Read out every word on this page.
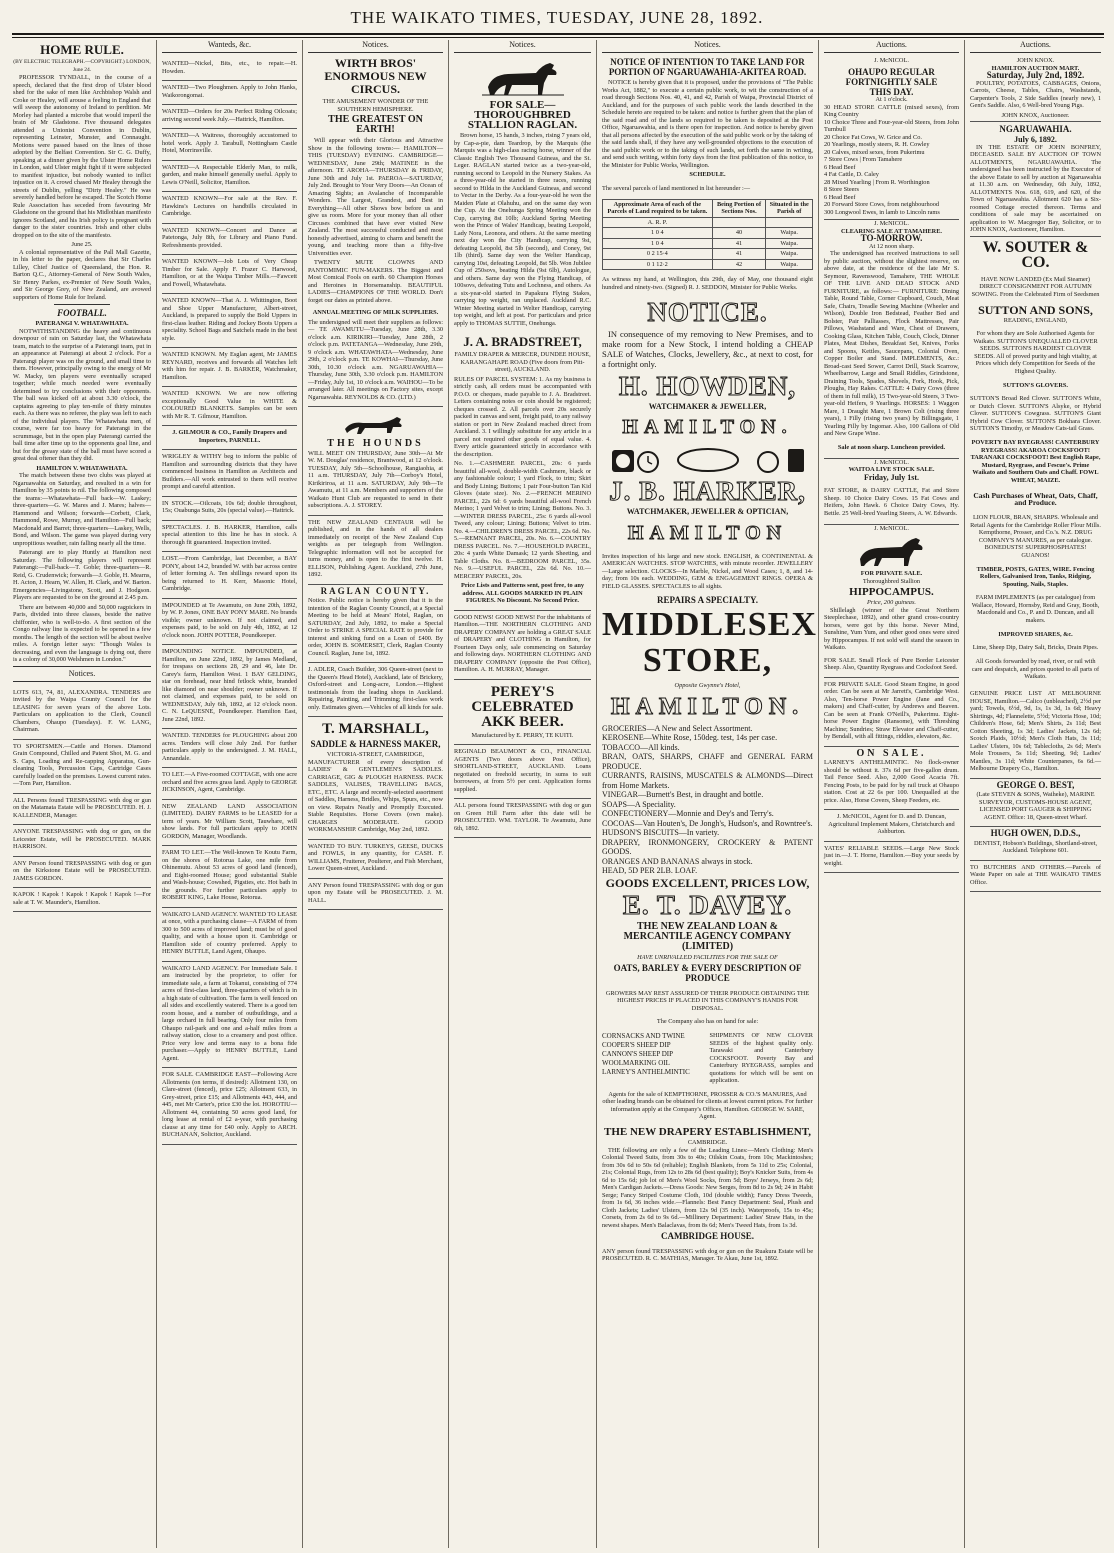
THE WAIKATO TIMES, TUESDAY, JUNE 28, 1892.
HOME RULE.
(BY ELECTRIC TELEGRAPH.—COPYRIGHT.) LONDON, June 24.

PROFESSOR TYNDALL, in the course of a speech, declared that the first drop of Ulster blood shed for the sake of men like Archbishop Walsh and Croke or Healey, will arouse a feeling in England that will sweep the autonomy of Ireland to perdition. Mr Morley had planted a microbe that would imperil the brain of Mr Gladstone. Five thousand delegates attended a Unionist Convention in Dublin, representing Leinster, Munster, and Connaught. Motions were passed based on the lines of those adopted by the Belfast Convention. Sir C. G. Duffy, speaking at a dinner given by the Ulster Home Rulers in London, said Ulster might fight if it were subjected to manifest injustice, but nobody wanted to inflict injustice on it. A crowd chased Mr Healey through the streets of Dublin, yelling "Dirty Healey." He was severely handled before he escaped. The Scotch Home Rule Association has seceded from favouring Mr Gladstone on the ground that his Midlothian manifesto ignores Scotland, and his Irish policy is pregnant with danger to the sister countries. Irish and other clubs dropped on to the site of the manifesto.

June 25.

A colonial representative of the Pall Mall Gazette, in his letter to the paper, declares that Sir Charles Lilley, Chief Justice of Queensland, the Hon. R. Barton Q.C., Attorney-General of New South Wales, Sir Henry Parkes, ex-Premier of New South Wales, and Sir George Grey, of New Zealand, are avowed supporters of Home Rule for Ireland.

FOOTBALL.
PATERANGI V. WHATAWHATA.

NOTWITHSTANDING the heavy and continuous downpour of rain on Saturday last, the Whatawhata team, match to the surprise of a Paterangi team, put in an appearance at Paterangi at about 2 o'clock. For a Paterangi player was on the ground, and small time to them. However, principally owing to the energy of Mr W. Macky, ten players were eventually scraped together; while much needed were eventually determined to try conclusions with their opponents. The ball was kicked off at about 3.30 o'clock, the captains agreeing to play ten-mile of thirty minutes each. As there was no referee, the play was left to each of the individual players. The Whatawhata men, of course, were far too heavy for Paterangi in the scrummage, but in the open play Paterangi carried the ball time after time up to the opponents goal line, and but for the greasy state of the ball must have scored a great deal oftener than they did.

HAMILTON V. WHATAWHATA.

The match between these two clubs was played at Ngaruawahia on Saturday, and resulted in a win for Hamilton by 35 points to nil. The following composed the teams:—Whatawhata—Full back—W. Laskey; three-quarters—G. W. Mares and J. Mares; halves—Hammond and Wilson; forwards—Corbett, Clark, Hammond, Rowe, Murray, and Hamilton—Full back; Macdonald and Barret; three-quarters—Laskey, Wells, Bond, and Wilson. The game was played during very unpropitious weather, rain falling nearly all the time.

Paterangi are to play Huntly at Hamilton next Saturday. The following players will represent Paterangi:—Full-back—T. Goble; three-quarters—R. Reid, G. Crudenwick; forwards—J. Goble, H. Mearns, H. Acton, J. Hearn, W. Allen, H. Clark, and W. Barton. Emergencies—Livingstone, Scott, and J. Hodgson. Players are requested to be on the ground at 2.45 p.m.

There are between 40,000 and 50,000 ragpickers in Paris, divided into three classes, beside the native chiffonier, who is well-to-do. A first section of the Congo railway line is expected to be opened in a few months. The length of the section will be about twelve miles. A foreign letter says: "Though Wales is decreasing, and even the language is dying out, there is a colony of 30,000 Welshmen in London."

Notices.

LOTS 613, 74, 81, ALEXANDRA. TENDERS are invited by the Waipa County Council for the LEASING for seven years of the above Lots. Particulars on application to the Clerk, Council Chambers, Ohaupo (Tuesdays). F. W. LANG, Chairman.

TO SPORTSMEN.—Cattle and Horses. Diamond Grain Compound, Chilled and Patent Shot, M. G. and S. Caps, Loading and Re-capping Apparatus, Gun-cleaning Tools, Percussion Caps, Cartridge Cases carefully loaded on the premises. Lowest current rates.—Tom Parr, Hamilton.

ALL Persons found TRESPASSING with dog or gun on the Matamata Estate will be PROSECUTED. H. J. KALLENDER, Manager.

ANYONE TRESPASSING with dog or gun, on the Leicester Estate, will be PROSECUTED. MARK HARRISON.

ANY Person found TRESPASSING with dog or gun on the Kirkstone Estate will be PROSECUTED. JAMES GORDON.

KAPOK ! Kapok ! Kapok ! Kapok ! Kapok !—For sale at T. W. Maunder's, Hamilton.

Wanteds, &c.

WANTED—Nickel, Bits, etc., to repair.—H. Howden.

WANTED—Two Ploughmen. Apply to John Hanks, Waikorongomai.

WANTED—Orders for 20s Perfect Riding Oilcoats; arriving second week July.—Hattrick, Hamilton.

WANTED—A Waitress, thoroughly accustomed to hotel work. Apply J. Tarabull, Nottingham Castle Hotel, Morrinsville.

WANTED—A Respectable Elderly Man, to milk, garden, and make himself generally useful. Apply to Lewis O'Neill, Solicitor, Hamilton.

WANTED KNOWN—For sale at the Rev. F. Hawkins's Lectures on handbills circulated in Cambridge.

WANTED KNOWN—Concert and Dance at Patetonga, July 8th, for Library and Piano Fund. Refreshments provided.

WANTED KNOWN—Job Lots of Very Cheap Timber for Sale. Apply F. Frazer C. Harwood, Hamilton, or at the Waipa Timber Mills.—Fawcett and Fowell, Whatawhata.

WANTED KNOWN—That A. J. Whittington, Boot and Shoe Upper Manufacturer, Albert-street, Auckland, is prepared to supply the Bold Uppers in first-class leather. Riding and Jockey Boots Uppers a speciality. School Bags and Satchels made in the best style.

WANTED KNOWN. My Esglan agent, Mr JAMES REYNARD, receives and forwards all Watches left with him for repair. J. B. BARKER, Watchmaker, Hamilton.

WANTED KNOWN. We are now offering exceptionally Good Value in WHITE & COLOURED BLANKETS. Samples can be seen with Mr R. T. Gilmour, Hamilton.

J. GILMOUR & CO., Family Drapers and Importers, PARNELL.

WRIGLEY & WITHY beg to inform the public of Hamilton and surrounding districts that they have commenced business in Hamilton as Architects and Builders.—All work entrusted to them will receive prompt and careful attention.

IN STOCK.—Oilcoats, 10s 6d; double throughout, 15s; Ouabunga Suits, 20s (special value).—Hattrick.

SPECTACLES. J. B. HARKER, Hamilton, calls special attention to this line he has in stock. A thorough fit guaranteed. Inspection invited.

LOST.—From Cambridge, last December, a BAY PONY, about 14.2, branded W. with bar across centre of letter forming A. Ten shillings reward upon its being returned to H. Kerr, Masonic Hotel, Cambridge.

IMPOUNDED at Te Awamutu, on June 20th, 1892, by W. P. Jones, ONE BAY PONY MARE. No brands visible; owner unknown. If not claimed, and expenses paid, to be sold on July 4th, 1892, at 12 o'clock noon. JOHN POTTER, Poundkeeper.

IMPOUNDING NOTICE. IMPOUNDED, at Hamilton, on June 22nd, 1892, by James Medland, for trespass on sections 28, 29 and 46, late Dr. Carey's farm, Hamilton West. 1 BAY GELDING, star on forehead, near hind fetlock white, branded like diamond on near shoulder; owner unknown. If not claimed, and expenses paid, to be sold on WEDNESDAY, July 6th, 1892, at 12 o'clock noon. C. N. LeQUESNE, Poundkeeper. Hamilton East, June 22nd, 1892.

WANTED. TENDERS for PLOUGHING about 200 acres. Tenders will close July 2nd. For further particulars apply to the undersigned. J. M. HALL, Annandale.

TO LET.—A Five-roomed COTTAGE, with one acre orchard and five acres grass land. Apply to GEORGE JICKINSON, Agent, Cambridge.

NEW ZEALAND LAND ASSOCIATION (LIMITED). DAIRY FARMS to be LEASED for a term of years. Mr William Scott, Tauwhare, will show lands. For full particulars apply to JOHN GORDON, Manager, Woodlands.

FARM TO LET.—The Well-known Te Koutu Farm, on the shores of Rotorua Lake, one mile from Ohinemutu. About 53 acres of good land (fenced), and Eight-roomed House; good substantial Stable and Wash-house; Cowshed, Pigsties, etc. Hot bath in the grounds. For further particulars apply to ROBERT KING, Lake House, Rotorua.

WAIKATO LAND AGENCY. WANTED TO LEASE at once, with a purchasing clause—A FARM of from 300 to 500 acres of improved land; must be of good quality, and with a house upon it. Cambridge or Hamilton side of country preferred. Apply to HENRY BUTTLE, Land Agent, Ohaupo.

WAIKATO LAND AGENCY. For Immediate Sale. I am instructed by the proprietor, to offer for immediate sale, a farm at Tokanui, consisting of 774 acres of first-class land, three-quarters of which is in a high state of cultivation. The farm is well fenced on all sides and excellently watered. There is a good ten room house, and a number of outbuildings, and a large orchard in full bearing. Only four miles from Ohaupo rail-park and one and a-half miles from a railway station, close to a creamery and post office. Price very low and terms easy to a bona fide purchaser.—Apply to HENRY BUTTLE, Land Agent.

FOR SALE. CAMBRIDGE EAST—Following Acre Allotments (on terms, if desired): Allotment 130, on Clare-street (fenced), price £25; Allotment 633, in Grey-street, price £15; and Allotments 443, 444, and 445, met Mr Carter's, price £30 the lot. HOROTIU—Allotment 44, containing 50 acres good land, for long lease at rental of £2 a-year, with purchasing clause at any time for £40 only. Apply to ARCH. BUCHANAN, Solicitor, Auckland.

Notices.
WIRTH BROS' ENORMOUS NEW CIRCUS.
THE AMUSEMENT WONDER OF THE SOUTHERN HEMISPHERE.
THE GREATEST ON EARTH!

Will appear with their Glorious and Attractive Show in the following towns:— HAMILTON—THIS (TUESDAY) EVENING. CAMBRIDGE—WEDNESDAY, June 29th; MATINEE in the afternoon. TE AROHA—THURSDAY & FRIDAY, June 30th and July 1st. PAEROA—SATURDAY, July 2nd. Brought to Your Very Doors—An Ocean of Amazing Sights; an Avalanche of Incomparable Wonders. The Largest, Grandest, and Best in Everything—All other Shows bow before us and give us room. More for your money than all other Circuses combined that have ever visited New Zealand. The most successful conducted and most honestly advertised, aiming to charm and benefit the young, and teaching more than a fifty-five Universities ever.

TWENTY MUTE CLOWNS AND PANTOMIMIC FUN-MAKERS. The Biggest and Most Comical Fools on earth. 60 Champion Horses and Heroines in Horsemanship. BEAUTIFUL LADIES—CHAMPIONS OF THE WORLD. Don't forget our dates as printed above.

ANNUAL MEETING OF MILK SUPPLIERS.

The undersigned will meet their suppliers as follows:— TE AWAMUTU—Tuesday, June 28th, 3.30 o'clock a.m. KIRIKIRI—Tuesday, June 28th, 2 o'clock p.m. PATETANGA—Wednesday, June 29th, 9 o'clock a.m. WHATAWHATA—Wednesday, June 29th, 2 o'clock p.m. TE KOWHAI—Thursday, June 30th, 10.30 o'clock a.m. NGARUAWAHIA—Thursday, June 30th, 3.30 o'clock p.m. HAMILTON—Friday, July 1st, 10 o'clock a.m. WAIHOU—To be arranged later. All meetings on Factory sites, except Ngaruawahia. REYNOLDS & CO. (LTD.)

THE HOUNDS

WILL MEET ON THURSDAY, June 30th—At Mr W. M. Douglas' residence, Brantwood, at 12 o'clock. TUESDAY, July 5th—Schoolhouse, Rangiaohia, at 11 a.m. THURSDAY, July 7th—Corboy's Hotel, Kirikiriroa, at 11 a.m. SATURDAY, July 9th—Te Awamutu, at 11 a.m. Members and supporters of the Waikato Hunt Club are requested to send in their subscriptions. A. J. STOREY.

THE NEW ZEALAND CENTAUR will be published, and in the hands of all dealers immediately on receipt of the New Zealand Cup weights as per telegraph from Wellington. Telegraphic information will not be accepted for turns money, and is open to the first twelve. H. ELLISON, Publishing Agent. Auckland, 27th June, 1892.

RAGLAN COUNTY.

Notice. Public notice is hereby given that it is the intention of the Raglan County Council, at a Special Meeting to be held at Mears' Hotel, Raglan, on SATURDAY, 2nd July, 1892, to make a Special Order to STRIKE A SPECIAL RATE to provide for interest and sinking fund on a Loan of £400. By order, JOHN B. SOMERSET, Clerk, Raglan County Council. Raglan, June 1st, 1892.

J. ADLER, Coach Builder, 306 Queen-street (next to the Queen's Head Hotel), Auckland, late of Brickery, Oxford-street and Long-acre, London.—Highest testimonials from the leading shops in Auckland. Repairing, Painting, and Trimming; first-class work only. Estimates given.—Vehicles of all kinds for sale.

T. MARSHALL,
SADDLE & HARNESS MAKER,
VICTORIA-STREET, CAMBRIDGE,

MANUFACTURER of every description of LADIES' & GENTLEMEN'S SADDLES. CARRIAGE, GIG & PLOUGH HARNESS. PACK SADDLES, VALISES, TRAVELLING BAGS, ETC., ETC. A large and recently-selected assortment of Saddles, Harness, Bridles, Whips, Spurs, etc., now on view. Repairs Neatly and Promptly Executed. Stable Requisites. Horse Covers (own make). CHARGES MODERATE. GOOD WORKMANSHIP. Cambridge, May 2nd, 1892.

WANTED TO BUY. TURKEYS, GEESE, DUCKS and FOWLS, in any quantity, for CASH. F. WILLIAMS, Fruiterer, Poulterer, and Fish Merchant, Lower Queen-street, Auckland.

ANY Person found TRESPASSING with dog or gun upon my Estate will be PROSECUTED. J. M. HALL.

Notices.
FOR SALE—THOROUGHBRED STALLION RAGLAN.

Brown horse, 15 hands, 3 inches, rising 7 years old, by Cap-a-pie, dam Teardrop, by the Marquis (the Marquis was a high-class racing horse, winner of the Classic English Two Thousand Guineas, and the St. Leger. RAGLAN started twice as a two-year-old, running second to Leopold in the Nursery Stakes. As a three-year-old he started in three races, running second to Hilda in the Auckland Guineas, and second to Vectar in the Derby. As a four-year-old he won the Maiden Plate at Olahuhu, and on the same day won the Cup. At the Onehunga Spring Meeting won the Cup, carrying 8st 10lb; Auckland Spring Meeting won the Prince of Wales' Handicap, beating Leopold, Lady Nora, Leonora, and others. At the same meeting next day won the City Handicap, carrying 9st, defeating Leopold, 8st 5lb (second), and Coney, 9st 1lb (third). Same day won the Welter Handicap, carrying 10st, defeating Leopold, 8st 5lb. Won Jubilee Cup of 250sovs, beating Hilda (9st 6lb), Autologue, and others. Same day won the Flying Handicap, of 100sovs, defeating Tutu and Lochness, and others. As a six-year-old started in Papakura Flying Stakes, carrying top weight, ran unplaced. Auckland R.C. Winter Meeting started in Welter Handicap, carrying top weight, and left at post. For particulars and price apply to THOMAS SUTTIE, Onehunga.

J. A. BRADSTREET,

FAMILY DRAPER & MERCER, DUNDEE HOUSE, KARANGAHAPE ROAD (Five doors from Pitt-street), AUCKLAND.

RULES OF PARCEL SYSTEM: 1. As my business is strictly cash, all orders must be accompanied with P.O.O. or cheques, made payable to J. A. Bradstreet. Letters containing notes or coin should be registered; cheques crossed. 2. All parcels over 20s securely packed in canvas and sent, freight paid, to any railway station or port in New Zealand reached direct from Auckland. 3. I willingly substitute for any article in a parcel not required other goods of equal value. 4. Every article guaranteed strictly in accordance with the description.

No. 1.—CASHMERE PARCEL, 20s: 6 yards beautiful all-wool, double-width Cashmere, black or any fashionable colour; 1 yard Flock, to trim; Skirt and Body Lining; Buttons; 1 pair Four-button Tan Kid Gloves (state size). No. 2.—FRENCH MERINO PARCEL, 22s 6d: 6 yards beautiful all-wool French Merino; 1 yard Velvet to trim; Lining; Buttons. No. 3.—WINTER DRESS PARCEL, 25s: 6 yards all-wool Tweed, any colour; Lining; Buttons; Velvet to trim. No. 4.—CHILDREN'S DRESS PARCEL, 22s 6d. No. 5.—REMNANT PARCEL, 20s. No. 6.—COUNTRY DRESS PARCEL. No. 7.—HOUSEHOLD PARCEL, 20s: 4 yards White Damask; 12 yards Sheeting, and Table Cloths. No. 8.—BEDROOM PARCEL, 35s. No. 9.—USEFUL PARCEL, 22s 6d. No. 10.—MERCERY PARCEL, 20s.

Price Lists and Patterns sent, post free, to any address. ALL GOODS MARKED IN PLAIN FIGURES. No Discount. No Second Price.

GOOD NEWS! GOOD NEWS! For the inhabitants of Hamilton.—THE NORTHERN CLOTHING AND DRAPERY COMPANY are holding a GREAT SALE of DRAPERY and CLOTHING in Hamilton, for Fourteen Days only, sale commencing on Saturday and following days. NORTHERN CLOTHING AND DRAPERY COMPANY (opposite the Post Office), Hamilton. A. H. MURRAY, Manager.

PEREY'S CELEBRATED AKK BEER.

Manufactured by E. PERRY, TE KUITI.

REGINALD BEAUMONT & CO., FINANCIAL AGENTS (Two doors above Post Office), SHORTLAND-STREET, AUCKLAND. Loans negotiated on freehold security, in sums to suit borrowers, at from 5½ per cent. Application forms supplied.

ALL persons found TRESPASSING with dog or gun on Green Hill Farm after this date will be PROSECUTED. WM. TAYLOR. Te Awamutu, June 6th, 1892.

Notices.
NOTICE OF INTENTION TO TAKE LAND FOR PORTION OF NGARUAWAHIA-AKITEA ROAD.

NOTICE is hereby given that it is proposed, under the provisions of "The Public Works Act, 1882," to execute a certain public work, to wit the construction of a road through Sections Nos. 40, 41, and 42, Parish of Waipa, Provincial District of Auckland, and for the purposes of such public work the lands described in the Schedule hereto are required to be taken: and notice is further given that the plan of the said road and of the lands so required to be taken is deposited at the Post Office, Ngaruawahia, and is there open for inspection. And notice is hereby given that all persons affected by the execution of the said public work or by the taking of the said lands shall, if they have any well-grounded objections to the execution of the said public work or to the taking of such lands, set forth the same in writing, and send such writing, within forty days from the first publication of this notice, to the Minister for Public Works, Wellington.

SCHEDULE.

The several parcels of land mentioned in list hereunder :—

Approximate Area of each of the Parcels of Land required to be taken.	Being Portion of Sections Nos.	Situated in the Parish of
A. R. P.		
1 0 4	40	Waipa.
1 0 4	41	Waipa.
0 2 15·4	41	Waipa.
0 1 12·2	42	Waipa.

As witness my hand, at Wellington, this 29th, day of May, one thousand eight hundred and ninety-two. (Signed) R. J. SEDDON, Minister for Public Works.

NOTICE.

IN consequence of my removing to New Premises, and to make room for a New Stock, I intend holding a CHEAP SALE of Watches, Clocks, Jewellery, &c., at next to cost, for a fortnight only.

H. HOWDEN,
WATCHMAKER & JEWELLER,
HAMILTON.
J. B. HARKER,
WATCHMAKER, JEWELLER & OPTICIAN,
HAMILTON

Invites inspection of his large and new stock. ENGLISH, & CONTINENTAL & AMERICAN WATCHES. STOP WATCHES, with minute recorder. JEWELLERY—Large selection. CLOCKS—In Marble, Nickel, and Wood Cases; 1, 8, and 14-day; from 10s each. WEDDING, GEM & ENGAGEMENT RINGS. OPERA & FIELD GLASSES. SPECTACLES to all sights.

REPAIRS A SPECIALTY.
MIDDLESEX STORE,
Opposite Gwynne's Hotel,
HAMILTON.
GROCERIES—A New and Select Assortment.
KEROSENE—White Rose, 150deg. test, 14s per case.
TOBACCO—All kinds.
BRAN, OATS, SHARPS, CHAFF and GENERAL FARM PRODUCE.
CURRANTS, RAISINS, MUSCATELS & ALMONDS—Direct from Home Markets.
VINEGAR—Burnett's Best, in draught and bottle.
SOAPS—A Speciality.
CONFECTIONERY—Monnie and Dey's and Terry's.
COCOAS—Van Houten's, De Jongh's, Hudson's, and Rowntree's.
HUDSON'S BISCUITS—In variety.
DRAPERY, IRONMONGERY, CROCKERY & PATENT GOODS.
ORANGES AND BANANAS always in stock.
HEAD, 5D PER 2LB. LOAF.
GOODS EXCELLENT, PRICES LOW,
E. T. DAVEY.
THE NEW ZEALAND LOAN & MERCANTILE AGENCY COMPANY (LIMITED)
HAVE UNRIVALLED FACILITIES FOR THE SALE OF
OATS, BARLEY & EVERY DESCRIPTION OF PRODUCE

GROWERS MAY REST ASSURED OF THEIR PRODUCE OBTAINING THE HIGHEST PRICES IF PLACED IN THIS COMPANY'S HANDS FOR DISPOSAL.

The Company also has on hand for sale:

CORNSACKS AND TWINE
COOPER'S SHEEP DIP
CANNON'S SHEEP DIP
WOOLMARKING OIL
LARNEY'S ANTHELMINTIC
SHIPMENTS OF NEW CLOVER SEEDS of the highest quality only. Tarawaki and Canterbury COCKSFOOT. Poverty Bay and Canterbury RYEGRASS, samples and quotations for which will be sent on application.

Agents for the sale of KEMPTHORNE, PROSSER & CO.'S MANURES, And other leading brands can be obtained for clients at lowest current prices. For further information apply at the Company's Offices, Hamilton. GEORGE W. SARE, Agent.

THE NEW DRAPERY ESTABLISHMENT,
CAMBRIDGE.

THE following are only a few of the Leading Lines:—Men's Clothing: Men's Colonial Tweed Suits, from 30s to 40s; Oilskin Coats, from 10s; Mackintoshes; from 30s 6d to 50s 6d (reliable); English Blankets, from 5s 11d to 25s; Colonial, 21s; Colonial Rugs, from 12s to 28s 6d (best quality); Boy's Knicker Suits, from 4s 6d to 15s 6d; job lot of Men's Wool Socks, from 5d; Boys' Jerseys, from 2s 6d; Men's Cardigan Jackets.—Dress Goods: New Serges, from 8d to 2s 9d; 24 in Habit Serge; Fancy Striped Costume Cloth, 10d (double width); Fancy Dress Tweeds, from 1s 6d, 36 inches wide.—Flannels: Best Fancy Department: Seal, Plush and Cloth Jackets; Ladies' Ulsters, from 12s 9d (35 inch). Waterproofs, 15s to 45s; Corsets, from 2s 6d to 9s 6d.—Millinery Department: Ladies' Straw Hats, in the newest shapes. Men's Balaclavas, from 8s 6d; Men's Tweed Hats, from 1s 3d.

CAMBRIDGE HOUSE.

ANY person found TRESPASSING with dog or gun on the Ruakura Estate will be PROSECUTED. R. C. MATHIAS, Manager. Te Akau, June 1st, 1892.

Auctions.
J. McNICOL.
OHAUPO REGULAR FORTNIGHTLY SALE
THIS DAY.
At 1 o'clock.
30 HEAD STORE CATTLE (mixed sexes), from King Country
10 Choice Three and Four-year-old Steers, from John Turnbull
20 Choice Fat Cows, W. Grice and Co.
20 Yearlings, mostly steers, R. H. Cowley
20 Calves, mixed sexes, from Pukerimu
7 Store Cows | From Tamahere
6 Head Beef
4 Fat Cattle, D. Caley
28 Mixed Yearling | From R. Worthington
8 Store Steers
6 Head Beef
20 Forward Store Cows, from neighbourhood
300 Longwool Ewes, in lamb to Lincoln rams
J. McNICOL.
CLEARING SALE AT TAMAHERE.
TO-MORROW.
At 12 noon sharp.

The undersigned has received instructions to sell by public auction, without the slightest reserve, on above date, at the residence of the late Mr S. Seymour, Ravenswood, Tamahere, THE WHOLE OF THE LIVE AND DEAD STOCK AND FURNITURE, as follows:— FURNITURE: Dining Table, Round Table, Corner Cupboard, Couch, Meat Safe, Chairs, Treadle Sewing Machine (Wheeler and Wilson), Double Iron Bedstead, Feather Bed and Bolster, Pair Palliasses, Flock Mattresses, Pair Pillows, Washstand and Ware, Chest of Drawers, Cooking Glass, Kitchen Table, Couch, Clock, Dinner Plates, Meat Dishes, Breakfast Set, Knives, Forks and Spoons, Kettles, Saucepans, Colonial Oven, Copper Boiler and Stand. IMPLEMENTS, &c.: Broad-cast Seed Sower, Carrot Drill, Stack Scarrow, Wheelbarrow, Large and Small Riddles, Grindstone, Draining Tools, Spades, Shovels, Fork, Hook, Pick, Ploughs, Hay Rakes. CATTLE: 4 Dairy Cows (three of them in full milk), 15 Two-year-old Steers, 3 Two-year-old Heifers, 9 Yearlings. HORSES: 1 Waggon Mare, 1 Draught Mare, 1 Brown Colt (rising three years), 1 Filly (rising two years) by Billingsgate, 1 Yearling Filly by Ingomar. Also, 100 Gallons of Old and New Grape Wine.

Sale at noon sharp. Luncheon provided.

J. McNICOL.
WAITOA LIVE STOCK SALE.
Friday, July 1st.

FAT STORE, & DAIRY CATTLE, Fat and Store Sheep. 10 Choice Dairy Cows. 15 Fat Cows and Heifers, John Hawk. 6 Choice Dairy Cows, Hy. Bettle. 25 Well-bred Yearling Steers, A. W. Edwards.

J. McNICOL.
FOR PRIVATE SALE.
Thoroughbred Stallion
HIPPOCAMPUS.
Price, 200 guineas.

Shillelagh (winner of the Great Northern Steeplechase, 1892), and other grand cross-country horses, were got by this horse. Never Mind, Sunshine, Yum Yum, and other good ones were sired by Hippocampus. If not sold will stand the season in Waikato.

FOR SALE. Small Flock of Pure Border Leicester Sheep. Also, Quantity Ryegrass and Cocksfoot Seed.

FOR PRIVATE SALE. Good Steam Engine, in good order. Can be seen at Mr Jarrett's, Cambridge West. Also, Ten-horse Power Engine (Jane and Co., makers) and Chaff-cutter, by Andrews and Beaven. Can be seen at Frank O'Neill's, Pukerimu. Eight-horse Power Engine (Ransome), with Threshing Machine; Sundries; Straw Elevator and Chaff-cutter, by Bendall, with all fittings, riddles, elevators, &c.

ON SALE.

LARNEY'S ANTHELMINTIC. No flock-owner should be without it. 37s 6d per five-gallon drum. Tail Fence Seed. Also, 2,000 Good Acacia 7ft. Fencing Posts, to be paid for by rail truck at Ohaupo station. Cost at 22 6s per 100. Unequalled at the price. Also, Horse Covers, Sheep Feeders, etc.

J. McNICOL, Agent for D. and D. Duncan, Agricultural Implement Makers, Christchurch and Ashburton.

YATES' RELIABLE SEEDS.—Large New Stock just in.—J. T. Horne, Hamilton.—Buy your seeds by weight.

Auctions.
JOHN KNOX.
HAMILTON AUCTION MART.
Saturday, July 2nd, 1892.

POULTRY, POTATOES, CABBAGES, Onions, Carrots, Cheese, Tables, Chairs, Washstands, Carpenter's Tools, 2 Side Saddles (nearly new), 1 Gent's Saddle. Also, 6 Well-bred Young Pigs.

JOHN KNOX, Auctioneer.
NGARUAWAHIA.
July 6, 1892.

IN THE ESTATE OF JOHN BONFREY, DECEASED. SALE BY AUCTION OF TOWN ALLOTMENTS, NGARUAWAHIA. The undersigned has been instructed by the Executor of the above Estate to sell by auction at Ngaruawahia at 11.30 a.m. on Wednesday, 6th July, 1892, ALLOTMENTS Nos. 618, 619, and 620, of the Town of Ngaruawahia. Allotment 620 has a Six-roomed Cottage erected thereon. Terms and conditions of sale may be ascertained on application to W. Macgregor Bay, Solicitor, or to JOHN KNOX, Auctioneer, Hamilton.

W. SOUTER & CO.

HAVE NOW LANDED (Ex Mail Steamer) DIRECT CONSIGNMENT FOR AUTUMN SOWING. From the Celebrated Firm of Seedsmen

SUTTON AND SONS,
READING, ENGLAND,

For whom they are Sole Authorised Agents for Waikato. SUTTON'S UNEQUALLED CLOVER SEEDS. SUTTON'S HARDIEST CLOVER SEEDS. All of proved purity and high vitality, at Prices which defy Competition for Seeds of the Highest Quality.

SUTTON'S GLOVERS.

SUTTON'S Broad Red Clover. SUTTON'S White, or Dutch Clover. SUTTON'S Alsyke, or Hybrid Clover. SUTTON'S Cowgrass. SUTTON'S Giant Hybrid Cow Clover. SUTTON'S Bokhara Clover. SUTTON'S Timothy, or Meadow Cats-tail Grass.

POVERTY BAY RYEGRASS! CANTERBURY RYEGRASS! AKAROA COCKSFOOT! TARANAKI COCKSFOOT! Best English Rape, Mustard, Ryegrass, and Fescue's. Prime Waikato and Southern Oats and Chaff. FOWL WHEAT, MAIZE.

Cash Purchases of Wheat, Oats, Chaff, and Produce.

LION FLOUR, BRAN, SHARPS. Wholesale and Retail Agents for the Cambridge Roller Flour Mills. Kempthorne, Prosser, and Co.'s. N.Z. DRUG COMPANY'S MANURES, as per catalogue. BONEDUSTS! SUPERPHOSPHATES! GUANOS!

TIMBER, POSTS, GATES, WIRE. Fencing Rollers, Galvanised Iron, Tanks, Ridging, Spouting, Nails, Staples.

FARM IMPLEMENTS (as per catalogue) from Wallace, Howard, Hornsby, Reid and Gray, Booth, Macdonald and Co., P. and D. Duncan, and all makers.

IMPROVED SHARES, &c.

Lime, Sheep Dip, Dairy Salt, Bricks, Drain Pipes.

All Goods forwarded by road, river, or rail with care and despatch, and prices quoted to all parts of Waikato.

GENUINE PRICE LIST AT MELBOURNE HOUSE, Hamilton.—Calico (unbleached), 2½d per yard; Towels, 6½d, 9d, 1s, 1s 3d, 1s 6d; Heavy Shirtings, 4d; Flannelette, 5½d; Victoria Hose, 10d; Children's Hose, 6d; Men's Shirts, 2s 11d; Best Cotton Sheeting, 1s 3d; Ladies' Jackets, 12s 6d; Scotch Plaids, 10½d; Men's Cloth Hats, 3s 11d; Ladies' Ulsters, 10s 6d; Tablecloths, 2s 6d; Men's Mole Trousers, 5s 11d; Sheeting, 9d; Ladies' Mantles, 3s 11d; White Counterpanes, 6s 6d.—Melbourne Drapery Co., Hamilton.

GEORGE O. BEST,

(Late STEVEN & SONS, Waiheke), MARINE SURVEYOR, CUSTOMS-HOUSE AGENT, LICENSED PORT GAUGER & SHIPPING AGENT. Office: 18, Queen-street Wharf.

HUGH OWEN, D.D.S.,

DENTIST, Hobson's Buildings, Shortland-street, Auckland. Telephone 601.

TO BUTCHERS AND OTHERS.—Parcels of Waste Paper on sale at THE WAIKATO TIMES Office.
